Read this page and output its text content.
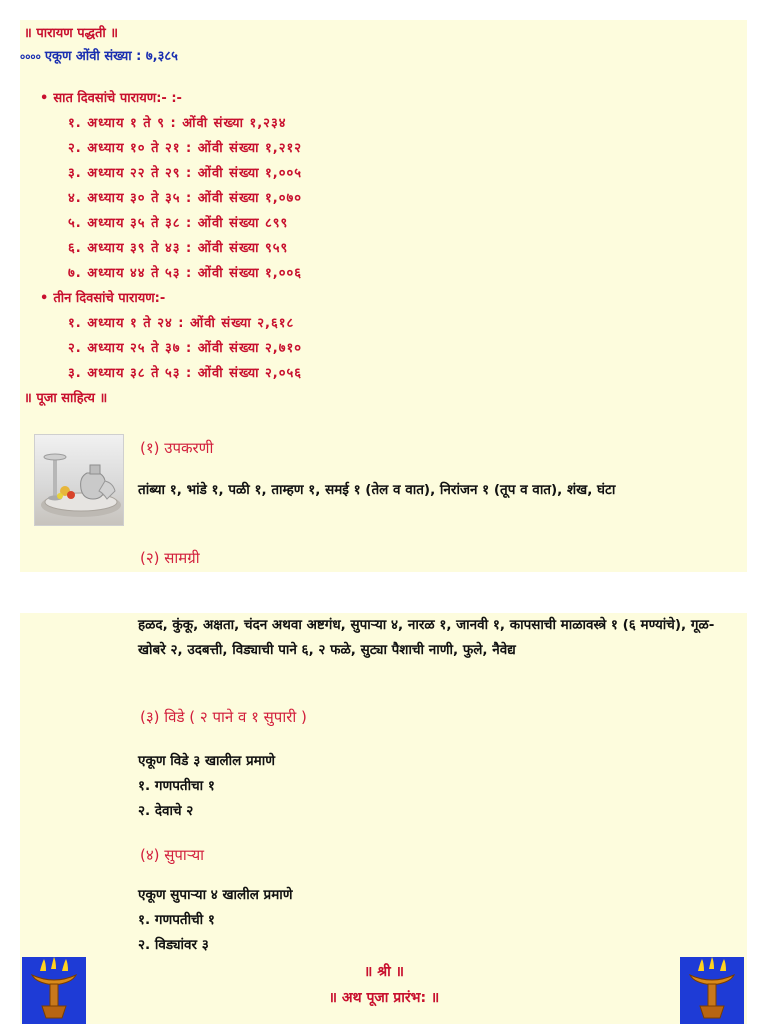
॥ पारायण पद्धती ॥
०००० एकूण ओंवी संख्या : ७,३८५
• सात दिवसांचे पारायण:- :-
१. अध्याय १ ते ९ : ओंवी संख्या १,२३४
२. अध्याय १० ते २१ : ओंवी संख्या १,२१२
३. अध्याय २२ ते २९ : ओंवी संख्या १,००५
४. अध्याय ३० ते ३५ : ओंवी संख्या १,०७०
५. अध्याय ३५ ते ३८ : ओंवी संख्या ८९९
६. अध्याय ३९ ते ४३ : ओंवी संख्या ९५९
७. अध्याय ४४ ते ५३ : ओंवी संख्या १,००६
• तीन दिवसांचे पारायण:-
१. अध्याय १ ते २४ : ओंवी संख्या २,६१८
२. अध्याय २५ ते ३७ : ओंवी संख्या २,७१०
३. अध्याय ३८ ते ५३ : ओंवी संख्या २,०५६
॥ पूजा साहित्य ॥
(१) उपकरणी
तांब्या १, भांडे १, पळी १, ताम्हण १, समई १ (तेल व वात), निरांजन १ (तूप व वात), शंख, घंटा
(२) सामग्री
हळद, कुंकू, अक्षता, चंदन अथवा अष्टगंध, सुपाऱ्या ४, नारळ १, जानवी १, कापसाची माळावस्त्रे १ (६ मण्यांचे), गूळ-खोबरे २, उदबत्ती, विड्याची पाने ६, २ फळे, सुट्या पैशाची नाणी, फुले, नैवेद्य
(३) विडे ( २ पाने व १ सुपारी )
एकूण विडे ३ खालील प्रमाणे
१. गणपतीचा १
२. देवाचे २
(४) सुपाऱ्या
एकूण सुपाऱ्या ४ खालील प्रमाणे
१. गणपतीची १
२. विड्यांवर ३
॥ श्री ॥
॥ अथ पूजा प्रारंभ: ॥
